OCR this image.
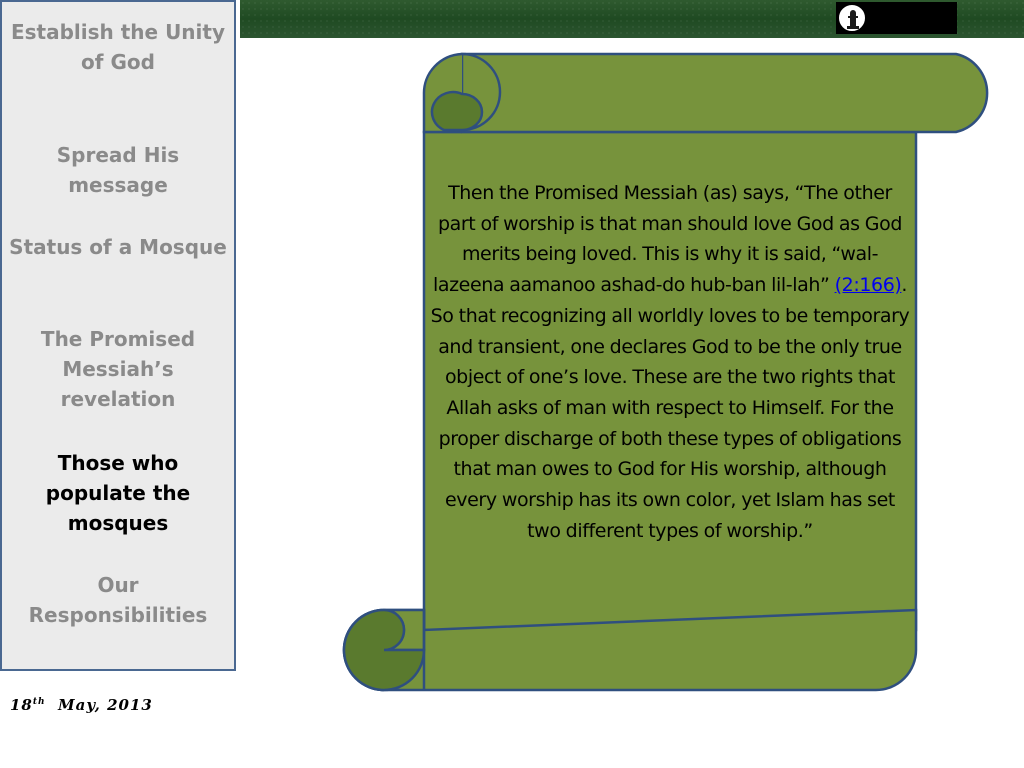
Establish the Unity of God
Spread His message
Status of a Mosque
The Promised Messiah’s revelation
Those who populate the mosques
Our Responsibilities
18th May, 2013
Then the Promised Messiah (as) says, “The other part of worship is that man should love God as God merits being loved. This is why it is said, “wal-lazeena aamanoo ashad-do hub-ban lil-lah” (2:166). So that recognizing all worldly loves to be temporary and transient, one declares God to be the only true object of one’s love. These are the two rights that Allah asks of man with respect to Himself. For the proper discharge of both these types of obligations that man owes to God for His worship, although every worship has its own color, yet Islam has set two different types of worship.”
